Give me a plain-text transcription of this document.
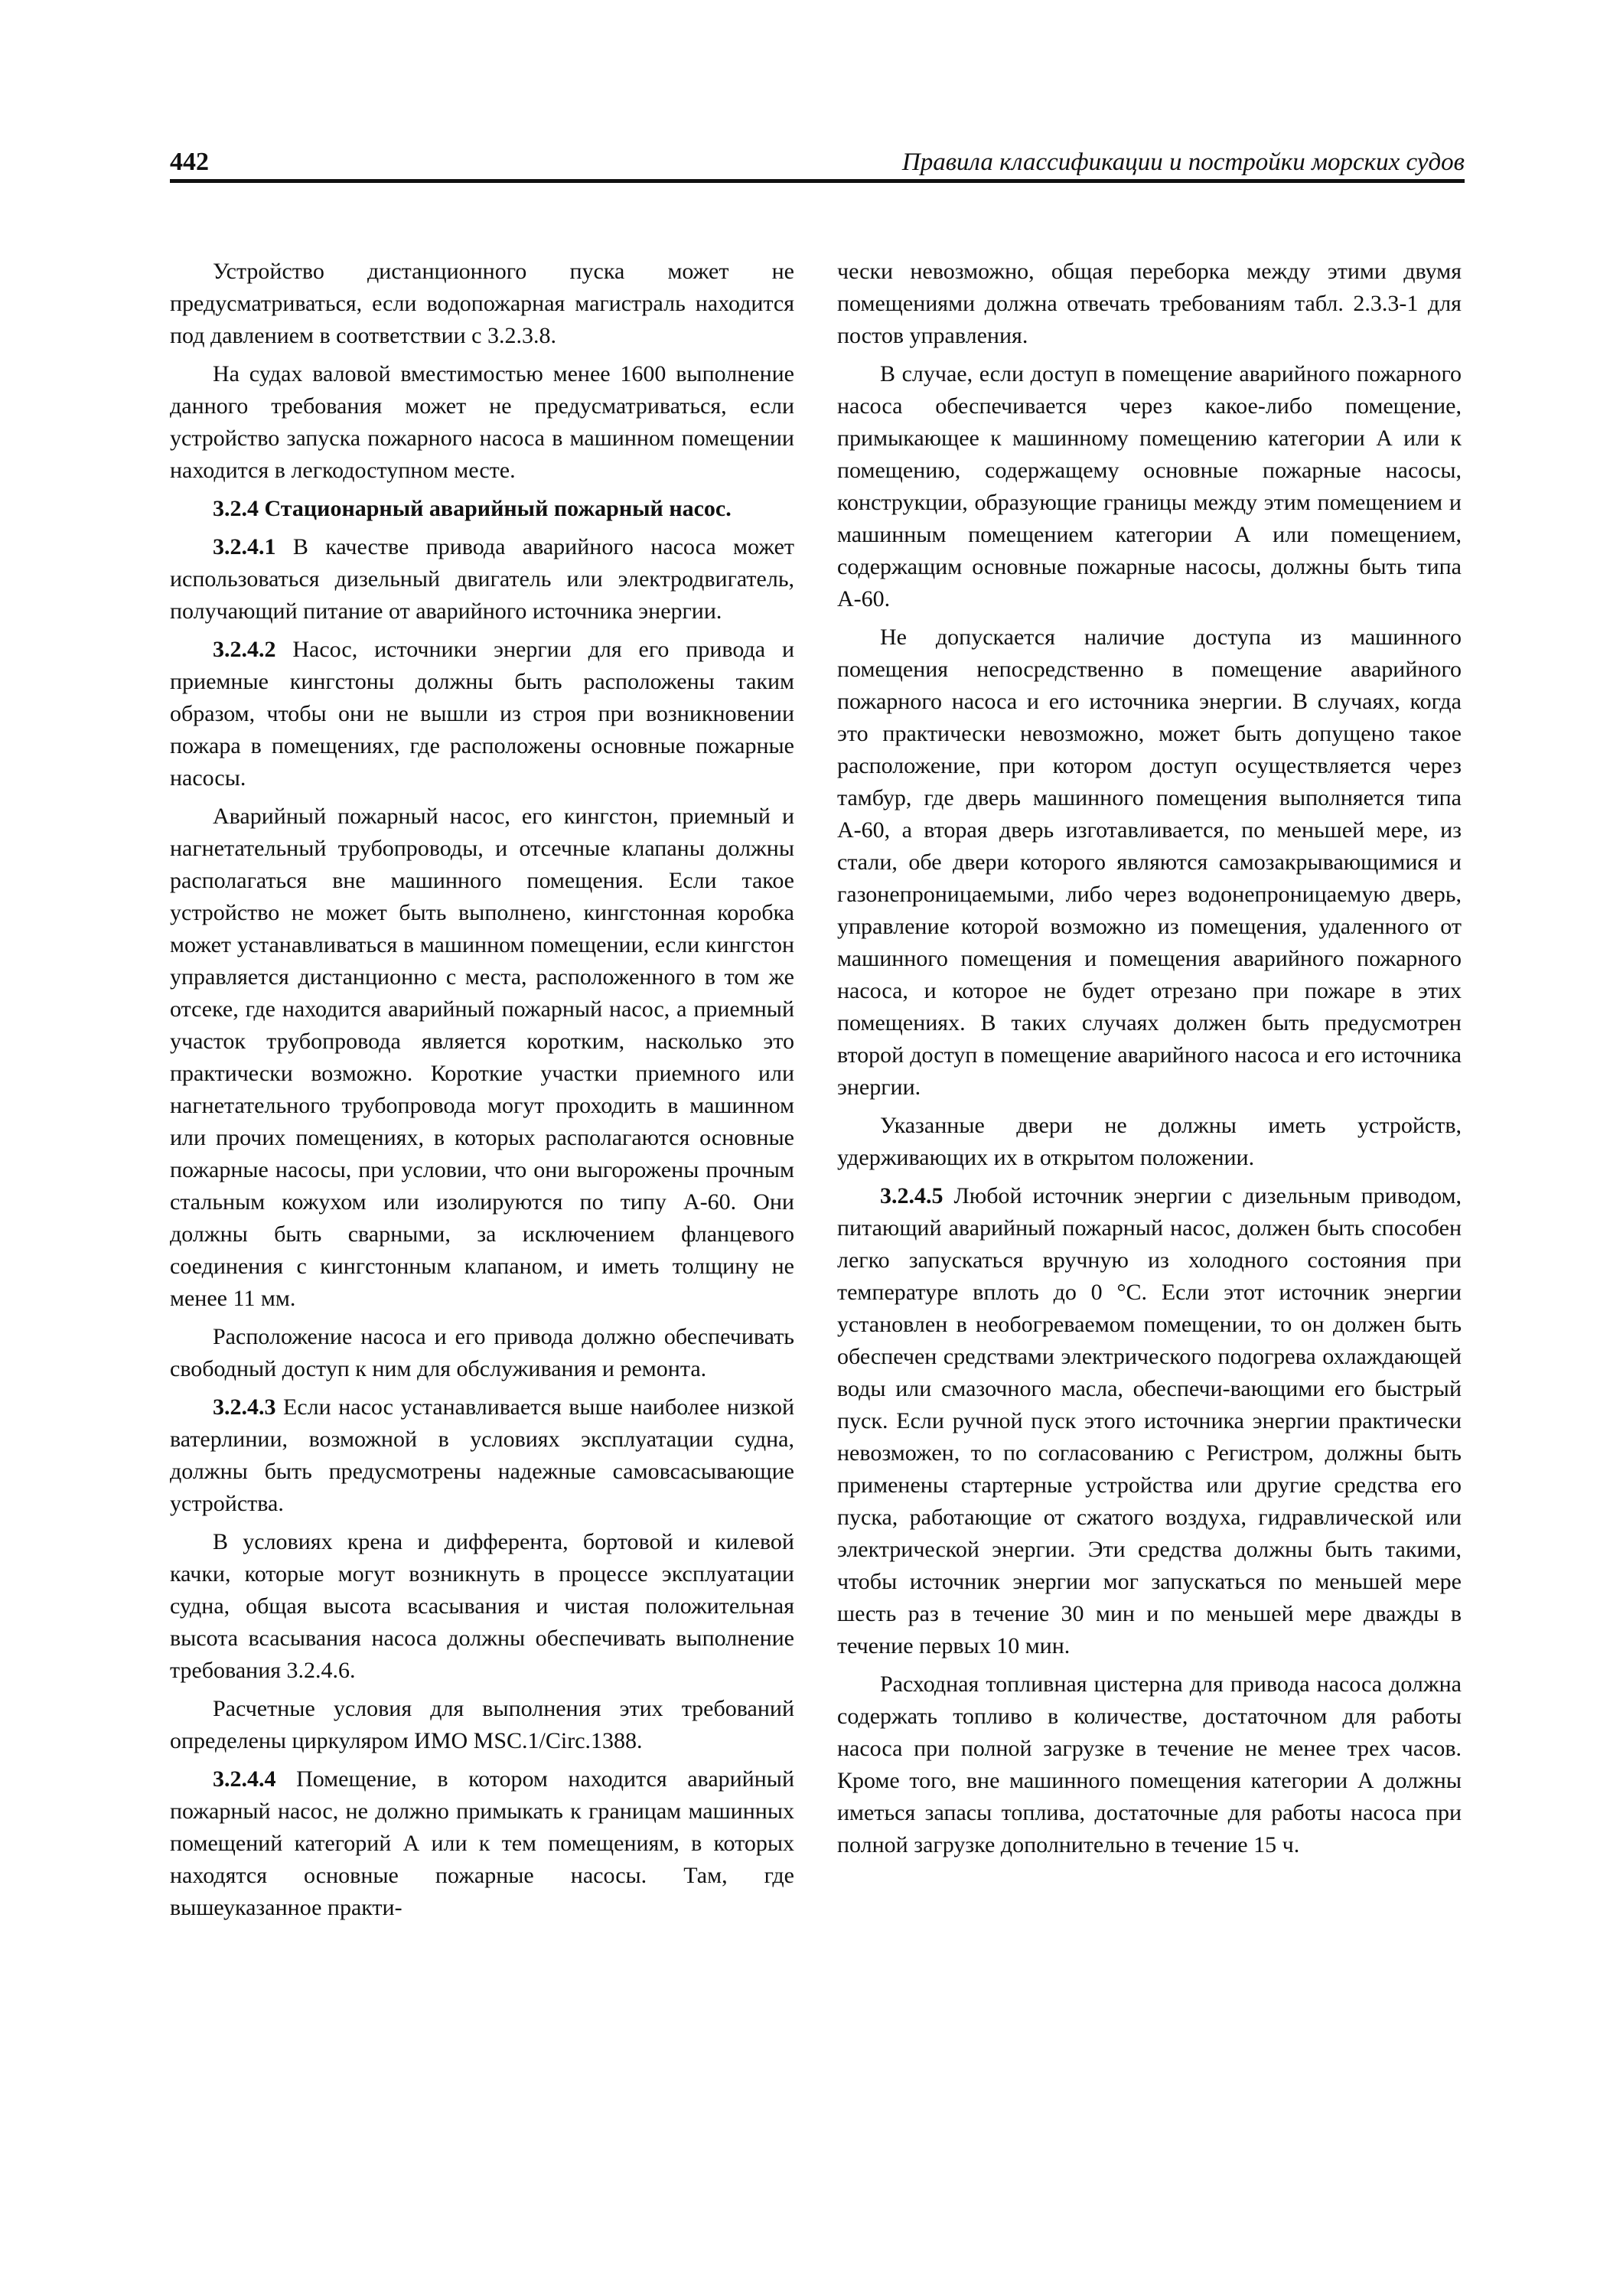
442	Правила классификации и постройки морских судов

Устройство дистанционного пуска может не предусматриваться, если водопожарная магистраль находится под давлением в соответствии с 3.2.3.8.

На судах валовой вместимостью менее 1600 выполнение данного требования может не предусматриваться, если устройство запуска пожарного насоса в машинном помещении находится в легкодоступном месте.

3.2.4 Стационарный аварийный пожарный насос.

3.2.4.1 В качестве привода аварийного насоса может использоваться дизельный двигатель или электродвигатель, получающий питание от аварийного источника энергии.

3.2.4.2 Насос, источники энергии для его привода и приемные кингстоны должны быть расположены таким образом, чтобы они не вышли из строя при возникновении пожара в помещениях, где расположены основные пожарные насосы.

Аварийный пожарный насос, его кингстон, приемный и нагнетательный трубопроводы, и отсечные клапаны должны располагаться вне машинного помещения. Если такое устройство не может быть выполнено, кингстонная коробка может устанавливаться в машинном помещении, если кингстон управляется дистанционно с места, расположенного в том же отсеке, где находится аварийный пожарный насос, а приемный участок трубопровода является коротким, насколько это практически возможно. Короткие участки приемного или нагнетательного трубопровода могут проходить в машинном или прочих помещениях, в которых располагаются основные пожарные насосы, при условии, что они выгорожены прочным стальным кожухом или изолируются по типу А-60. Они должны быть сварными, за исключением фланцевого соединения с кингстонным клапаном, и иметь толщину не менее 11 мм.

Расположение насоса и его привода должно обеспечивать свободный доступ к ним для обслуживания и ремонта.

3.2.4.3 Если насос устанавливается выше наиболее низкой ватерлинии, возможной в условиях эксплуатации судна, должны быть предусмотрены надежные самовсасывающие устройства.

В условиях крена и дифферента, бортовой и килевой качки, которые могут возникнуть в процессе эксплуатации судна, общая высота всасывания и чистая положительная высота всасывания насоса должны обеспечивать выполнение требования 3.2.4.6.

Расчетные условия для выполнения этих требований определены циркуляром ИМО MSC.1/Circ.1388.

3.2.4.4 Помещение, в котором находится аварийный пожарный насос, не должно примыкать к границам машинных помещений категорий А или к тем помещениям, в которых находятся основные пожарные насосы. Там, где вышеуказанное практи-

чески невозможно, общая переборка между этими двумя помещениями должна отвечать требованиям табл. 2.3.3-1 для постов управления.

В случае, если доступ в помещение аварийного пожарного насоса обеспечивается через какое-либо помещение, примыкающее к машинному помещению категории А или к помещению, содержащему основные пожарные насосы, конструкции, образующие границы между этим помещением и машинным помещением категории А или помещением, содержащим основные пожарные насосы, должны быть типа А-60.

Не допускается наличие доступа из машинного помещения непосредственно в помещение аварийного пожарного насоса и его источника энергии. В случаях, когда это практически невозможно, может быть допущено такое расположение, при котором доступ осуществляется через тамбур, где дверь машинного помещения выполняется типа А-60, а вторая дверь изготавливается, по меньшей мере, из стали, обе двери которого являются самозакрывающимися и газонепроницаемыми, либо через водонепроницаемую дверь, управление которой возможно из помещения, удаленного от машинного помещения и помещения аварийного пожарного насоса, и которое не будет отрезано при пожаре в этих помещениях. В таких случаях должен быть предусмотрен второй доступ в помещение аварийного насоса и его источника энергии.

Указанные двери не должны иметь устройств, удерживающих их в открытом положении.

3.2.4.5 Любой источник энергии с дизельным приводом, питающий аварийный пожарный насос, должен быть способен легко запускаться вручную из холодного состояния при температуре вплоть до 0 °С. Если этот источник энергии установлен в необогреваемом помещении, то он должен быть обеспечен средствами электрического подогрева охлаждающей воды или смазочного масла, обеспечи-вающими его быстрый пуск. Если ручной пуск этого источника энергии практически невозможен, то по согласованию с Регистром, должны быть применены стартерные устройства или другие средства его пуска, работающие от сжатого воздуха, гидравлической или электрической энергии. Эти средства должны быть такими, чтобы источник энергии мог запускаться по меньшей мере шесть раз в течение 30 мин и по меньшей мере дважды в течение первых 10 мин.

Расходная топливная цистерна для привода насоса должна содержать топливо в количестве, достаточном для работы насоса при полной загрузке в течение не менее трех часов. Кроме того, вне машинного помещения категории А должны иметься запасы топлива, достаточные для работы насоса при полной загрузке дополнительно в течение 15 ч.
